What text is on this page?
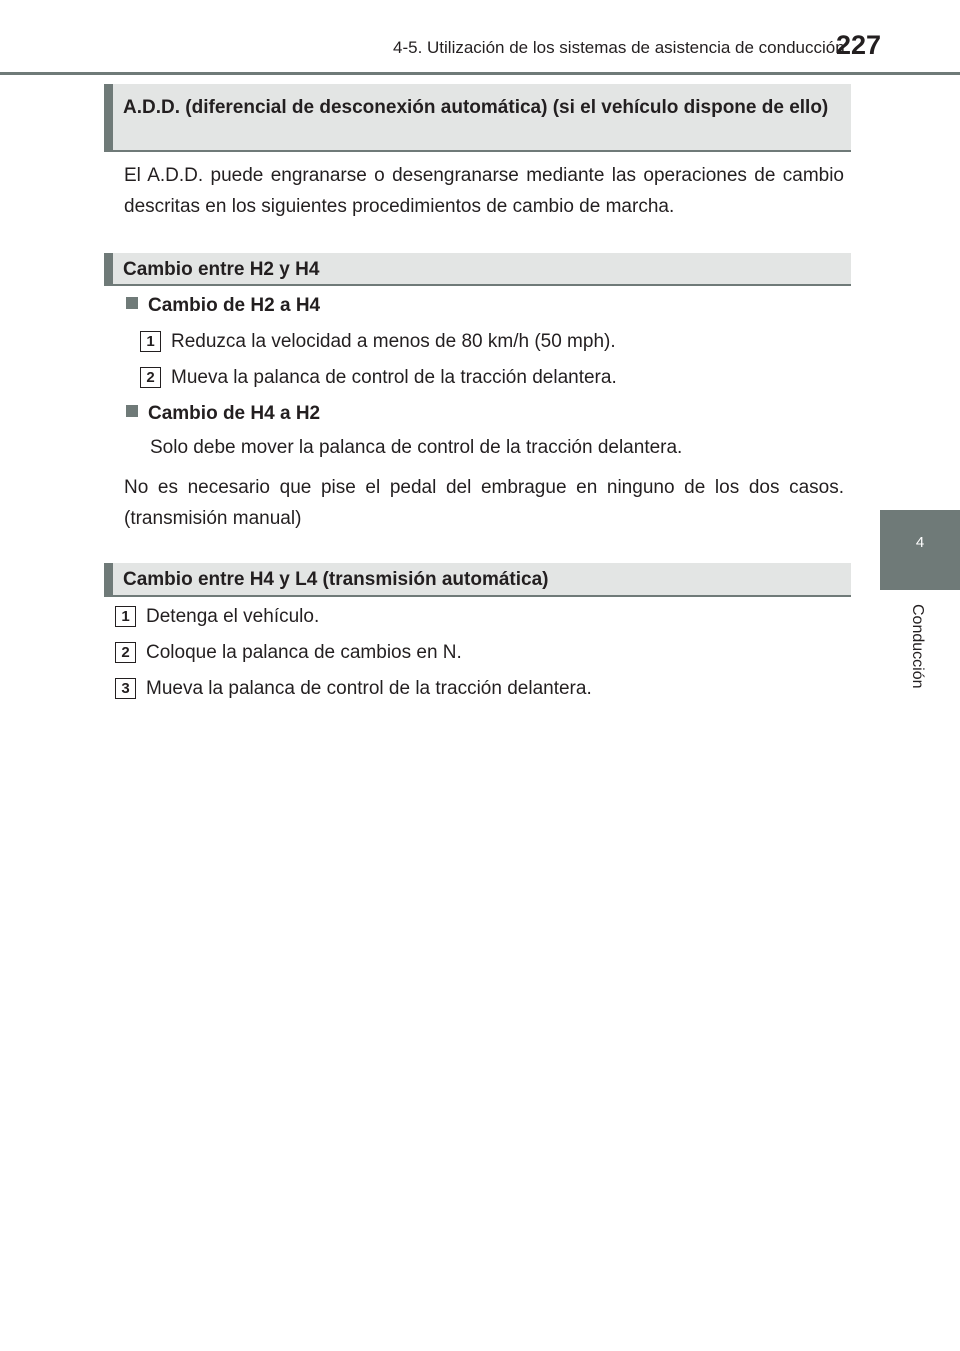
4-5. Utilización de los sistemas de asistencia de conducción
227
4
Conducción
A.D.D. (diferencial de desconexión automática) (si el vehículo dispone de ello)
El A.D.D. puede engranarse o desengranarse mediante las operaciones de cambio descritas en los siguientes procedimientos de cambio de marcha.
Cambio entre H2 y H4
Cambio de H2 a H4
1 Reduzca la velocidad a menos de 80 km/h (50 mph).
2 Mueva la palanca de control de la tracción delantera.
Cambio de H4 a H2
Solo debe mover la palanca de control de la tracción delantera.
No es necesario que pise el pedal del embrague en ninguno de los dos casos. (transmisión manual)
Cambio entre H4 y L4 (transmisión automática)
1 Detenga el vehículo.
2 Coloque la palanca de cambios en N.
3 Mueva la palanca de control de la tracción delantera.
